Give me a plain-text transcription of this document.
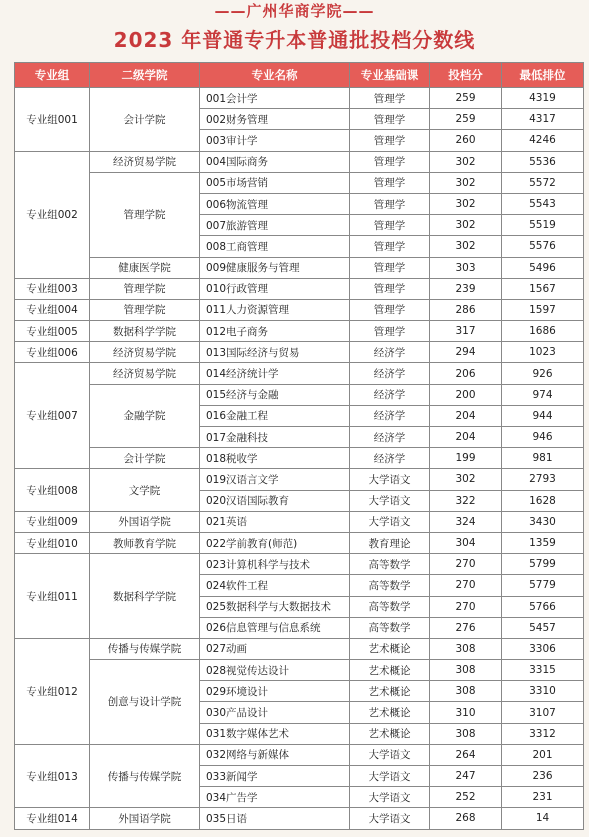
——广州华商学院——
2023 年普通专升本普通批投档分数线
专业组	二级学院	专业名称	专业基础课	投档分	最低排位
专业组001	会计学院	001会计学	管理学	259	4319
		002财务管理	管理学	259	4317
		003审计学	管理学	260	4246
专业组002	经济贸易学院	004国际商务	管理学	302	5536
	管理学院	005市场营销	管理学	302	5572
		006物流管理	管理学	302	5543
		007旅游管理	管理学	302	5519
		008工商管理	管理学	302	5576
	健康医学院	009健康服务与管理	管理学	303	5496
专业组003	管理学院	010行政管理	管理学	239	1567
专业组004	管理学院	011人力资源管理	管理学	286	1597
专业组005	数据科学学院	012电子商务	管理学	317	1686
专业组006	经济贸易学院	013国际经济与贸易	经济学	294	1023
专业组007	经济贸易学院	014经济统计学	经济学	206	926
	金融学院	015经济与金融	经济学	200	974
		016金融工程	经济学	204	944
		017金融科技	经济学	204	946
	会计学院	018税收学	经济学	199	981
专业组008	文学院	019汉语言文学	大学语文	302	2793
		020汉语国际教育	大学语文	322	1628
专业组009	外国语学院	021英语	大学语文	324	3430
专业组010	教师教育学院	022学前教育(师范)	教育理论	304	1359
专业组011	数据科学学院	023计算机科学与技术	高等数学	270	5799
		024软件工程	高等数学	270	5779
		025数据科学与大数据技术	高等数学	270	5766
		026信息管理与信息系统	高等数学	276	5457
专业组012	传播与传媒学院	027动画	艺术概论	308	3306
	创意与设计学院	028视觉传达设计	艺术概论	308	3315
		029环境设计	艺术概论	308	3310
		030产品设计	艺术概论	310	3107
		031数字媒体艺术	艺术概论	308	3312
专业组013	传播与传媒学院	032网络与新媒体	大学语文	264	201
		033新闻学	大学语文	247	236
		034广告学	大学语文	252	231
专业组014	外国语学院	035日语	大学语文	268	14
